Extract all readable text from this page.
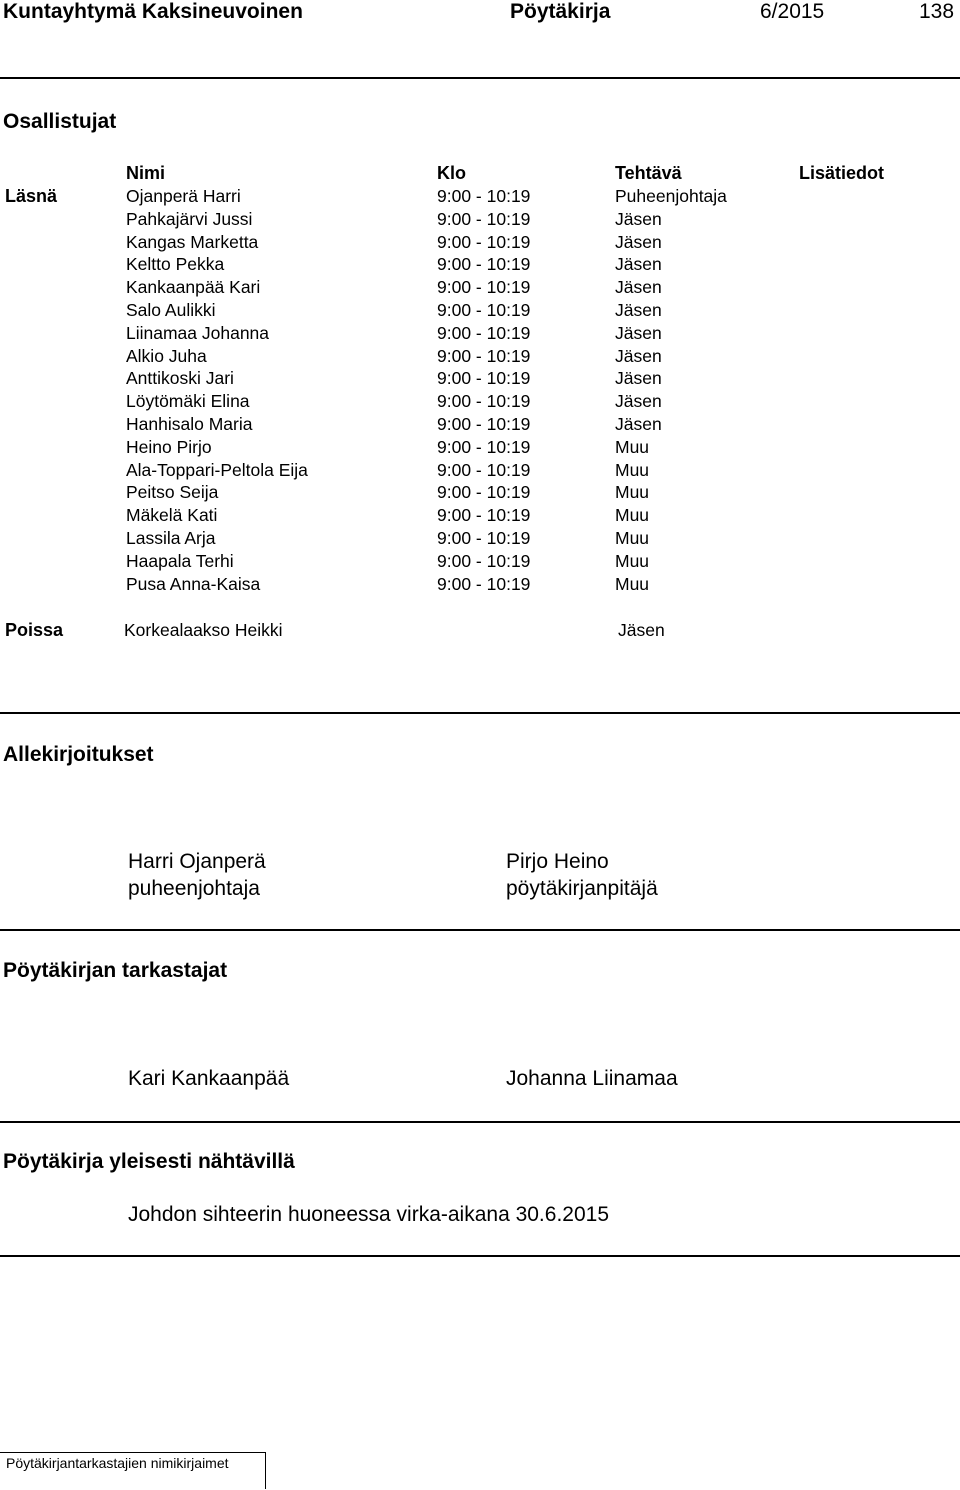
Kuntayhtymä Kaksineuvoinen	Pöytäkirja	6/2015	138
Osallistujat
Nimi	Klo	Tehtävä	Lisätiedot
Läsnä	Ojanperä Harri	9:00 - 10:19	Puheenjohtaja
Pahkajärvi Jussi	9:00 - 10:19	Jäsen
Kangas Marketta	9:00 - 10:19	Jäsen
Keltto Pekka	9:00 - 10:19	Jäsen
Kankaanpää Kari	9:00 - 10:19	Jäsen
Salo Aulikki	9:00 - 10:19	Jäsen
Liinamaa Johanna	9:00 - 10:19	Jäsen
Alkio Juha	9:00 - 10:19	Jäsen
Anttikoski Jari	9:00 - 10:19	Jäsen
Löytömäki Elina	9:00 - 10:19	Jäsen
Hanhisalo Maria	9:00 - 10:19	Jäsen
Heino Pirjo	9:00 - 10:19	Muu
Ala-Toppari-Peltola Eija	9:00 - 10:19	Muu
Peitso Seija	9:00 - 10:19	Muu
Mäkelä Kati	9:00 - 10:19	Muu
Lassila Arja	9:00 - 10:19	Muu
Haapala Terhi	9:00 - 10:19	Muu
Pusa Anna-Kaisa	9:00 - 10:19	Muu
Poissa	Korkealaakso Heikki	Jäsen
Allekirjoitukset
Harri Ojanperä
puheenjohtaja
Pirjo Heino
pöytäkirjanpitäjä
Pöytäkirjan tarkastajat
Kari Kankaanpää	Johanna Liinamaa
Pöytäkirja yleisesti nähtävillä
Johdon sihteerin huoneessa virka-aikana 30.6.2015
Pöytäkirjantarkastajien nimikirjaimet
